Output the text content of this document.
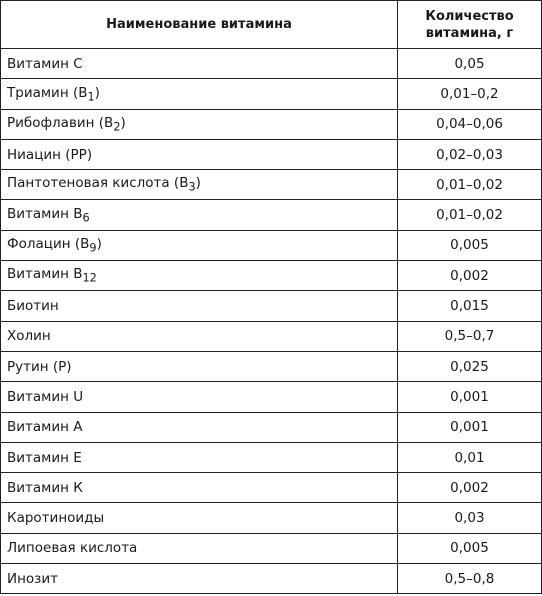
Наименование витамина	Количество
витамина, г
Витамин С	0,05
Триамин $(B_1)$	0,01–0,2
Рибофлавин $(B_2)$	0,04–0,06
Ниацин (PP)	0,02–0,03
Пантотеновая кислота $(B_3)$	0,01–0,02
Витамин $B_6$	0,01–0,02
Фолацин $(B_9)$	0,005
Витамин $B_{12}$	0,002
Биотин	0,015
Холин	0,5–0,7
Рутин (P)	0,025
Витамин U	0,001
Витамин А	0,001
Витамин Е	0,01
Витамин К	0,002
Каротиноиды	0,03
Липоевая кислота	0,005
Инозит	0,5–0,8
